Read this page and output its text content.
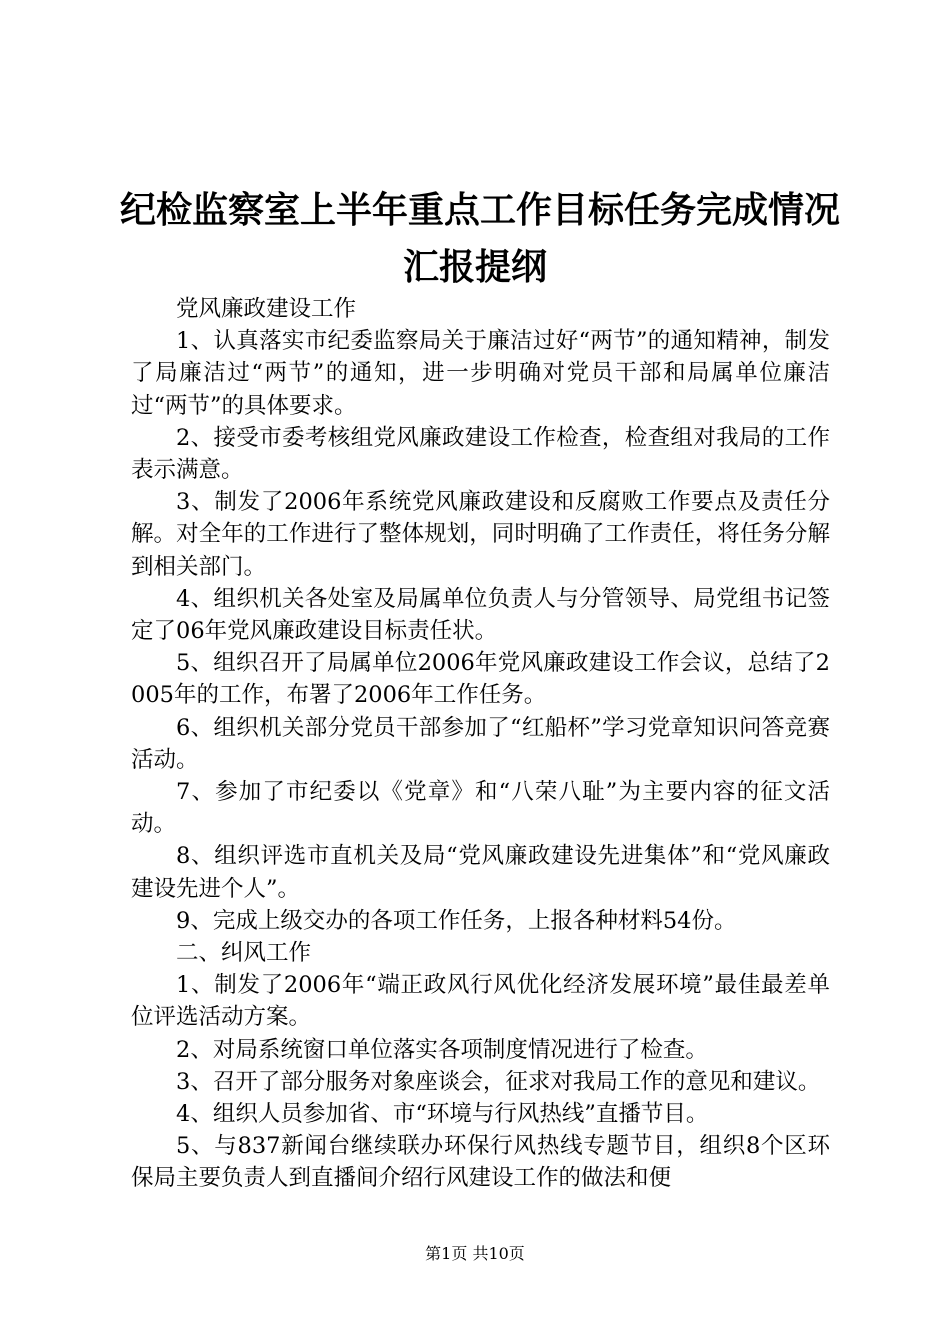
纪检监察室上半年重点工作目标任务完成情况
汇报提纲

党风廉政建设工作

1、认真落实市纪委监察局关于廉洁过好“两节”的通知精神，制发了局廉洁过“两节”的通知，进一步明确对党员干部和局属单位廉洁过“两节”的具体要求。

2、接受市委考核组党风廉政建设工作检查，检查组对我局的工作表示满意。

3、制发了2006年系统党风廉政建设和反腐败工作要点及责任分解。对全年的工作进行了整体规划，同时明确了工作责任，将任务分解到相关部门。

4、组织机关各处室及局属单位负责人与分管领导、局党组书记签定了06年党风廉政建设目标责任状。

5、组织召开了局属单位2006年党风廉政建设工作会议，总结了2005年的工作，布署了2006年工作任务。

6、组织机关部分党员干部参加了“红船杯”学习党章知识问答竞赛活动。

7、参加了市纪委以《党章》和“八荣八耻”为主要内容的征文活动。

8、组织评选市直机关及局“党风廉政建设先进集体”和“党风廉政建设先进个人”。

9、完成上级交办的各项工作任务，上报各种材料54份。

二、纠风工作

1、制发了2006年“端正政风行风优化经济发展环境”最佳最差单位评选活动方案。

2、对局系统窗口单位落实各项制度情况进行了检查。

3、召开了部分服务对象座谈会，征求对我局工作的意见和建议。

4、组织人员参加省、市“环境与行风热线”直播节目。

5、与837新闻台继续联办环保行风热线专题节目，组织8个区环保局主要负责人到直播间介绍行风建设工作的做法和便

第1页 共10页
